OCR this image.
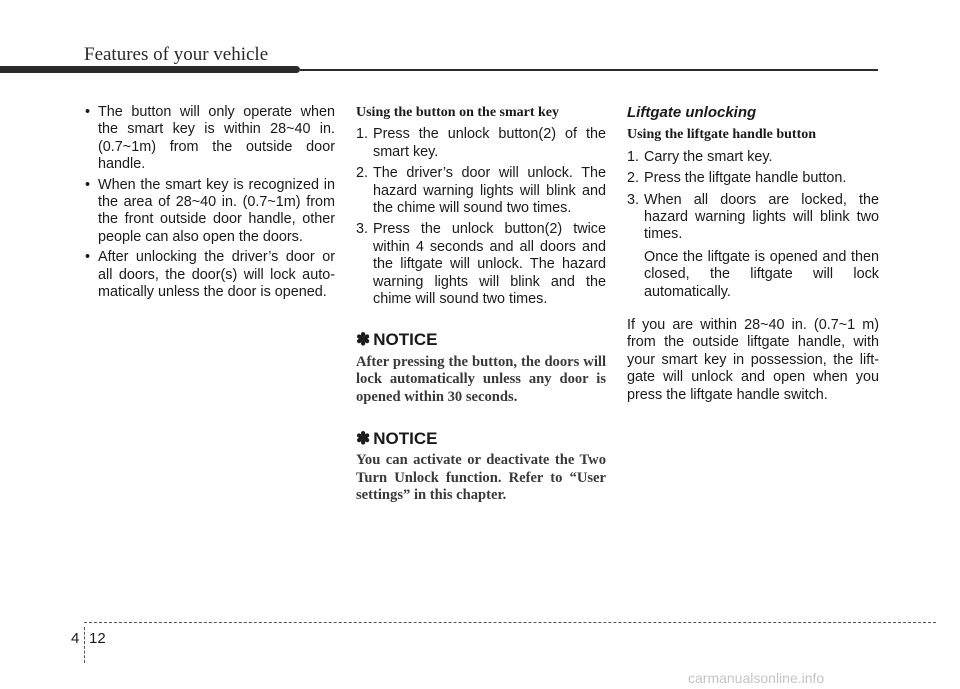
Features of your vehicle
• The button will only operate when the smart key is within 28~40 in. (0.7~1m) from the outside door handle.
• When the smart key is recognized in the area of 28~40 in. (0.7~1m) from the front outside door handle, other people can also open the doors.
• After unlocking the driver’s door or all doors, the door(s) will lock automatically unless the door is opened.

Using the button on the smart key

1. Press the unlock button(2) of the smart key.
2. The driver’s door will unlock. The hazard warning lights will blink and the chime will sound two times.
3. Press the unlock button(2) twice within 4 seconds and all doors and the liftgate will unlock. The hazard warning lights will blink and the chime will sound two times.
✽ NOTICE

After pressing the button, the doors will lock automatically unless any door is opened within 30 seconds.

✽ NOTICE

You can activate or deactivate the Two Turn Unlock function. Refer to “User settings” in this chapter.

Liftgate unlocking

Using the liftgate handle button

1. Carry the smart key.
2. Press the liftgate handle button.
3. When all doors are locked, the hazard warning lights will blink two times.

Once the liftgate is opened and then closed, the liftgate will lock automatically.

If you are within 28~40 in. (0.7~1 m) from the outside liftgate handle, with your smart key in possession, the liftgate will unlock and open when you press the liftgate handle switch.

4 12
carmanualsonline.info
